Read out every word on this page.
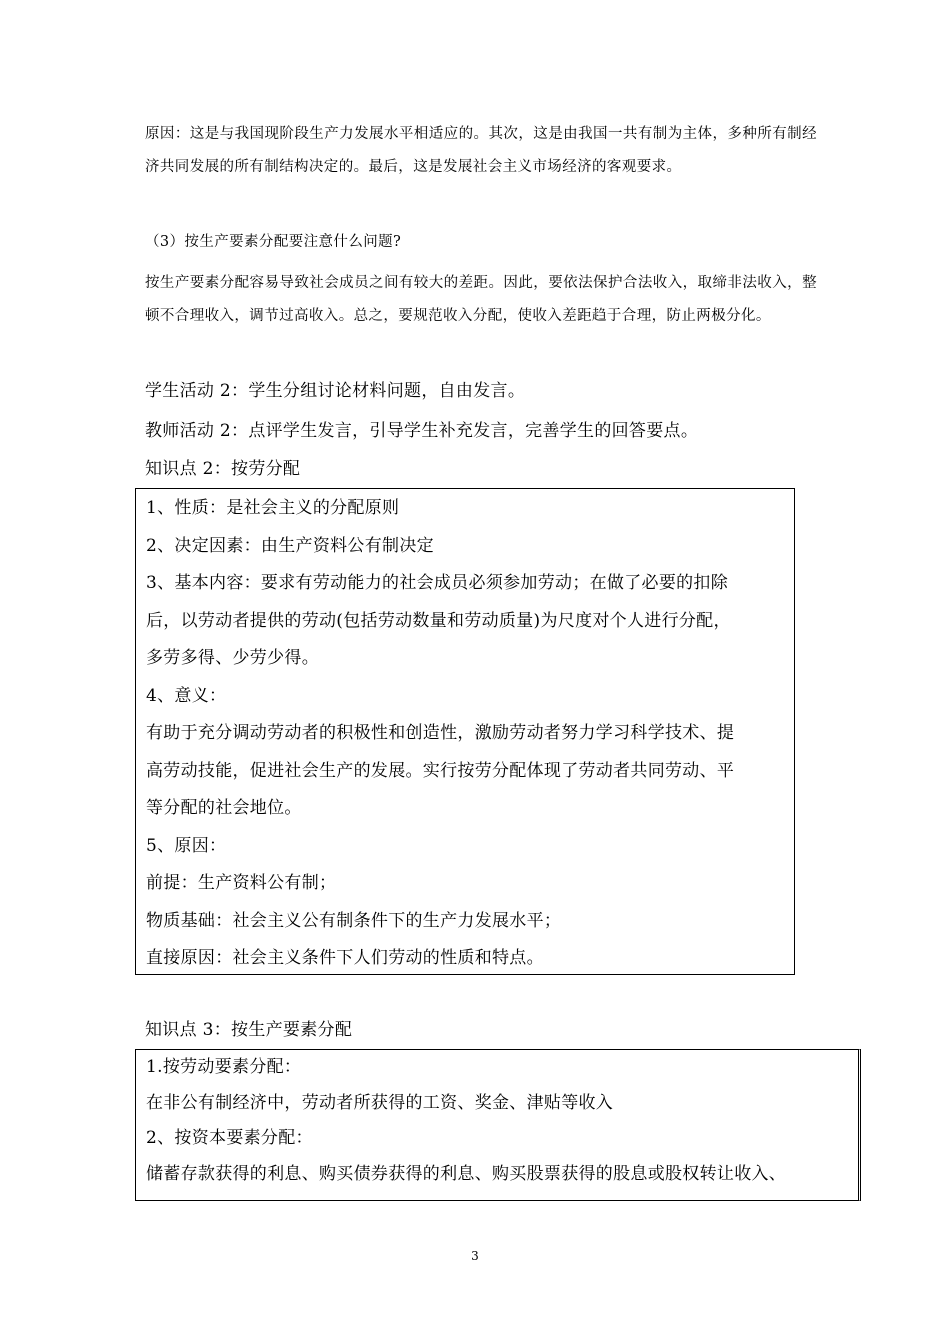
原因：这是与我国现阶段生产力发展水平相适应的。其次，这是由我国一共有制为主体，多种所有制经济共同发展的所有制结构决定的。最后，这是发展社会主义市场经济的客观要求。
（3）按生产要素分配要注意什么问题?
按生产要素分配容易导致社会成员之间有较大的差距。因此，要依法保护合法收入，取缔非法收入，整顿不合理收入，调节过高收入。总之，要规范收入分配，使收入差距趋于合理，防止两极分化。
学生活动 2：学生分组讨论材料问题，自由发言。
教师活动 2：点评学生发言，引导学生补充发言，完善学生的回答要点。
知识点 2：按劳分配
1、性质：是社会主义的分配原则
2、决定因素：由生产资料公有制决定
3、基本内容：要求有劳动能力的社会成员必须参加劳动；在做了必要的扣除
后，以劳动者提供的劳动(包括劳动数量和劳动质量)为尺度对个人进行分配，
多劳多得、少劳少得。
4、意义：
有助于充分调动劳动者的积极性和创造性，激励劳动者努力学习科学技术、提
高劳动技能，促进社会生产的发展。实行按劳分配体现了劳动者共同劳动、平
等分配的社会地位。
5、原因：
前提：生产资料公有制；
物质基础：社会主义公有制条件下的生产力发展水平；
直接原因：社会主义条件下人们劳动的性质和特点。
知识点 3：按生产要素分配
1.按劳动要素分配：
在非公有制经济中，劳动者所获得的工资、奖金、津贴等收入
2、按资本要素分配：
储蓄存款获得的利息、购买债券获得的利息、购买股票获得的股息或股权转让收入、
3
